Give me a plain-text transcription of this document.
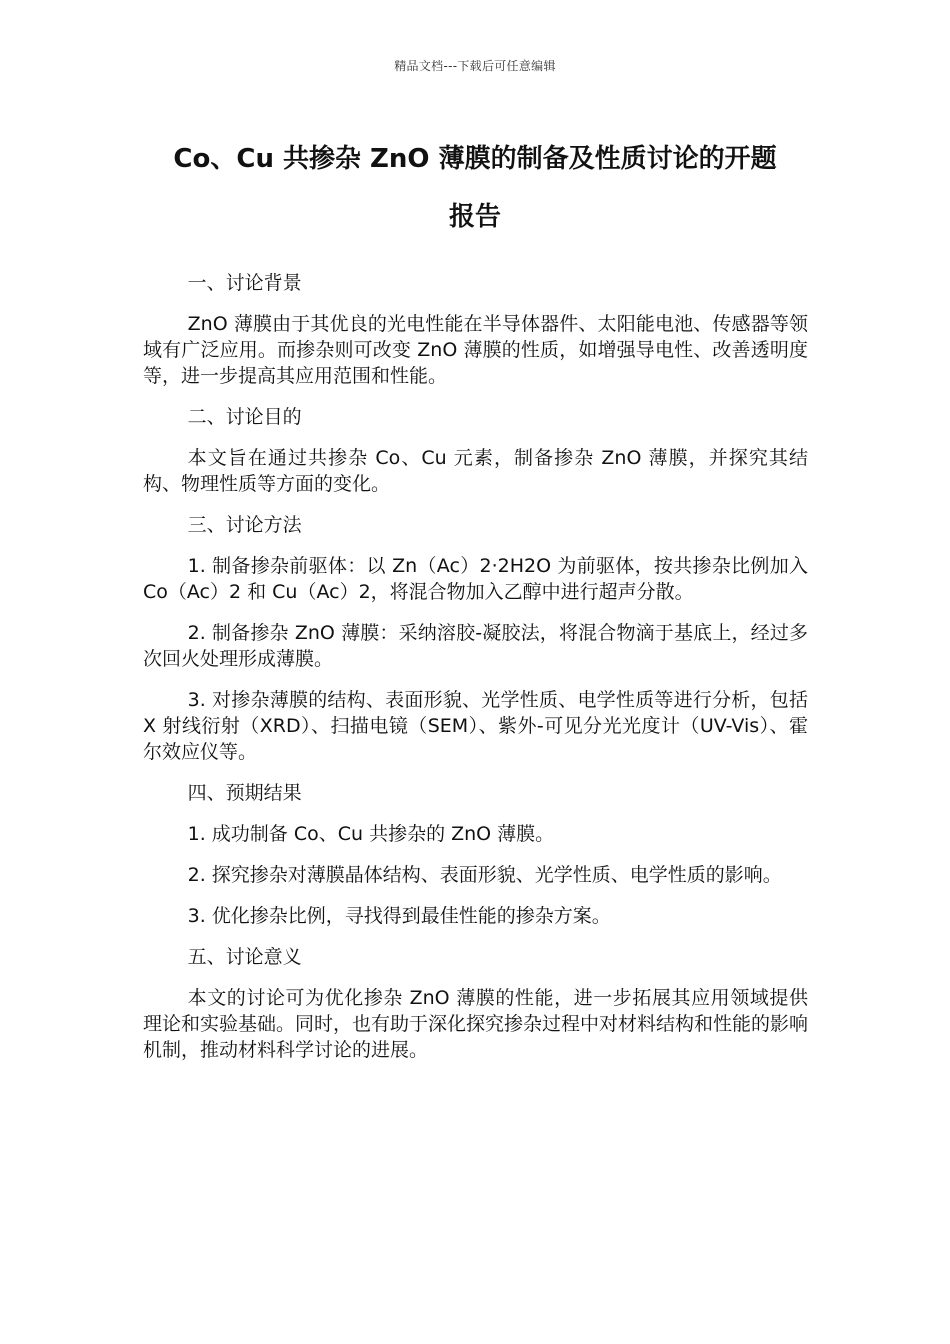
精品文档---下载后可任意编辑
Co、Cu 共掺杂 ZnO 薄膜的制备及性质讨论的开题
报告

一、讨论背景

ZnO 薄膜由于其优良的光电性能在半导体器件、太阳能电池、传感器等领域有广泛应用。而掺杂则可改变 ZnO 薄膜的性质，如增强导电性、改善透明度等，进一步提高其应用范围和性能。

二、讨论目的

本文旨在通过共掺杂 Co、Cu 元素，制备掺杂 ZnO 薄膜，并探究其结构、物理性质等方面的变化。

三、讨论方法

1. 制备掺杂前驱体：以 Zn（Ac）2·2H2O 为前驱体，按共掺杂比例加入 Co（Ac）2 和 Cu（Ac）2，将混合物加入乙醇中进行超声分散。

2. 制备掺杂 ZnO 薄膜：采纳溶胶-凝胶法，将混合物滴于基底上，经过多次回火处理形成薄膜。

3. 对掺杂薄膜的结构、表面形貌、光学性质、电学性质等进行分析，包括 X 射线衍射（XRD）、扫描电镜（SEM）、紫外-可见分光光度计（UV-Vis）、霍尔效应仪等。

四、预期结果

1. 成功制备 Co、Cu 共掺杂的 ZnO 薄膜。

2. 探究掺杂对薄膜晶体结构、表面形貌、光学性质、电学性质的影响。

3. 优化掺杂比例，寻找得到最佳性能的掺杂方案。

五、讨论意义

本文的讨论可为优化掺杂 ZnO 薄膜的性能，进一步拓展其应用领域提供理论和实验基础。同时，也有助于深化探究掺杂过程中对材料结构和性能的影响机制，推动材料科学讨论的进展。
